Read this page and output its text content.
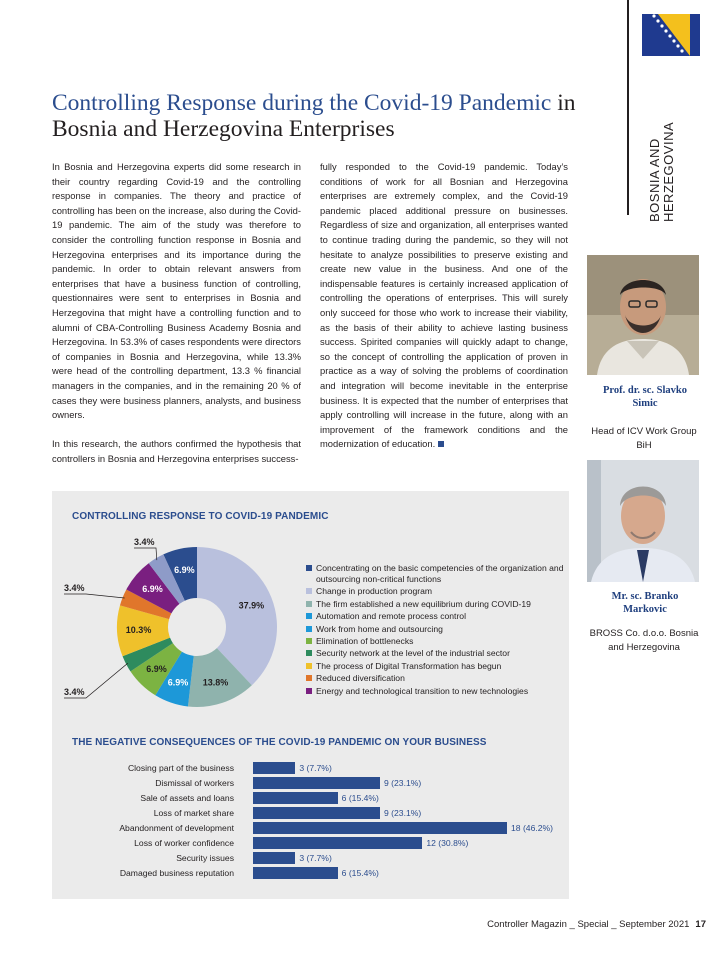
BOSNIA AND HERZEGOVINA
Prof. dr. sc. Slavko Simic
Head of ICV Work Group BiH
Mr. sc. Branko Markovic
BROSS Co. d.o.o. Bosnia and Herzegovina
Controlling Response during the Covid-19 Pandemic in Bosnia and Herzegovina Enterprises

In Bosnia and Herzegovina experts did some research in their country regarding Covid-19 and the controlling response in companies. The theory and practice of controlling has been on the increase, also during the Covid-19 pandemic. The aim of the study was therefore to consider the controlling function response in Bosnia and Herzegovina enterprises and its importance during the pandemic. In order to obtain relevant answers from enterprises that have a business function of controlling, questionnaires were sent to enterprises in Bosnia and Herzegovina that might have a controlling function and to alumni of CBA-Controlling Business Academy Bosnia and Herzegovina. In 53.3% of cases respondents were directors of companies in Bosnia and Herzegovina, while 13.3% were head of the controlling department, 13.3 % financial managers in the companies, and in the remaining 20 % of cases they were business planners, analysts, and business owners.

In this research, the authors confirmed the hypothesis that controllers in Bosnia and Herzegovina enterprises success-

fully responded to the Covid-19 pandemic. Today’s conditions of work for all Bosnian and Herzegovina enterprises are extremely complex, and the Covid-19 pandemic placed additional pressure on businesses. Regardless of size and organization, all enterprises wanted to continue trading during the pandemic, so they will not hesitate to analyze possibilities to preserve existing and create new value in the business. And one of the indispensable features is certainly increased application of controlling the operations of enterprises. This will surely only succeed for those who work to increase their viability, as the basis of their ability to achieve lasting business success. Spirited companies will quickly adapt to change, so the concept of controlling the application of proven in practice as a way of solving the problems of coordination and integration will become inevitable in the enterprise business. It is expected that the number of enterprises that apply controlling will increase in the future, along with an improvement of the framework conditions and the modernization of education.

CONTROLLING RESPONSE TO COVID-19 PANDEMIC
6.9%
37.9%
13.8%
6.9%
6.9%
3.4%
10.3%
3.4%	6.9%
3.4%
Concentrating on the basic competencies of the organization and outsourcing non-critical functions
Change in production program
The firm established a new equilibrium during COVID-19
Automation and remote process control
Work from home and outsourcing
Elimination of bottlenecks
Security network at the level of the industrial sector
The process of Digital Transformation has begun
Reduced diversification
Energy and technological transition to new technologies
THE NEGATIVE CONSEQUENCES OF THE COVID-19 PANDEMIC ON YOUR BUSINESS
Closing part of the business	3 (7.7%)
Dismissal of workers	9 (23.1%)
Sale of assets and loans	6 (15.4%)
Loss of market share	9 (23.1%)
Abandonment of development	18 (46.2%)
Loss of worker confidence	12 (30.8%)
Security issues	3 (7.7%)
Damaged business reputation	6 (15.4%)
Controller Magazin _ Special _ September 2021 17
